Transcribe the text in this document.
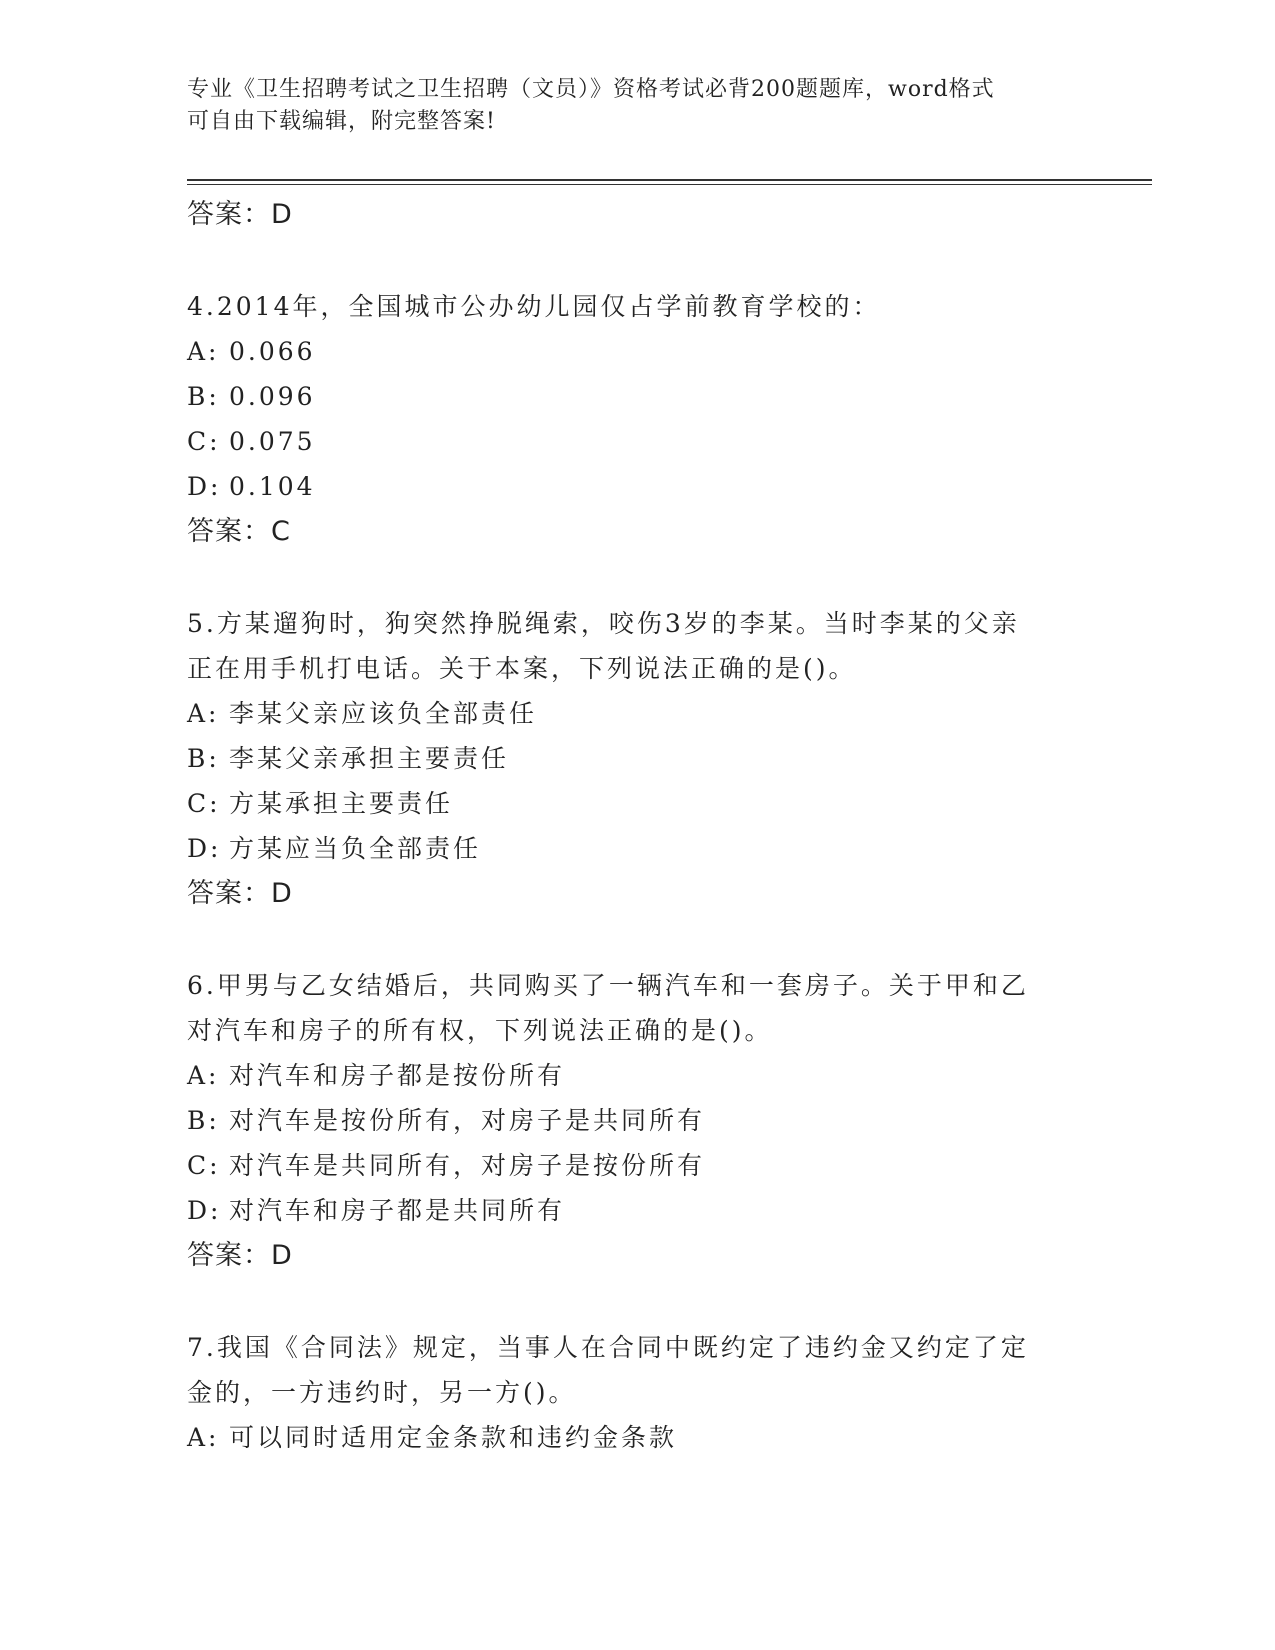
专业《卫生招聘考试之卫生招聘（文员）》资格考试必背200题题库，word格式
可自由下载编辑，附完整答案!
答案：D
4.2014年，全国城市公办幼儿园仅占学前教育学校的：
A: 0.066
B: 0.096
C: 0.075
D: 0.104
答案：C
5.方某遛狗时，狗突然挣脱绳索，咬伤3岁的李某。当时李某的父亲
正在用手机打电话。关于本案，下列说法正确的是()。
A: 李某父亲应该负全部责任
B: 李某父亲承担主要责任
C: 方某承担主要责任
D: 方某应当负全部责任
答案：D
6.甲男与乙女结婚后，共同购买了一辆汽车和一套房子。关于甲和乙
对汽车和房子的所有权，下列说法正确的是()。
A: 对汽车和房子都是按份所有
B: 对汽车是按份所有，对房子是共同所有
C: 对汽车是共同所有，对房子是按份所有
D: 对汽车和房子都是共同所有
答案：D
7.我国《合同法》规定，当事人在合同中既约定了违约金又约定了定
金的，一方违约时，另一方()。
A: 可以同时适用定金条款和违约金条款
